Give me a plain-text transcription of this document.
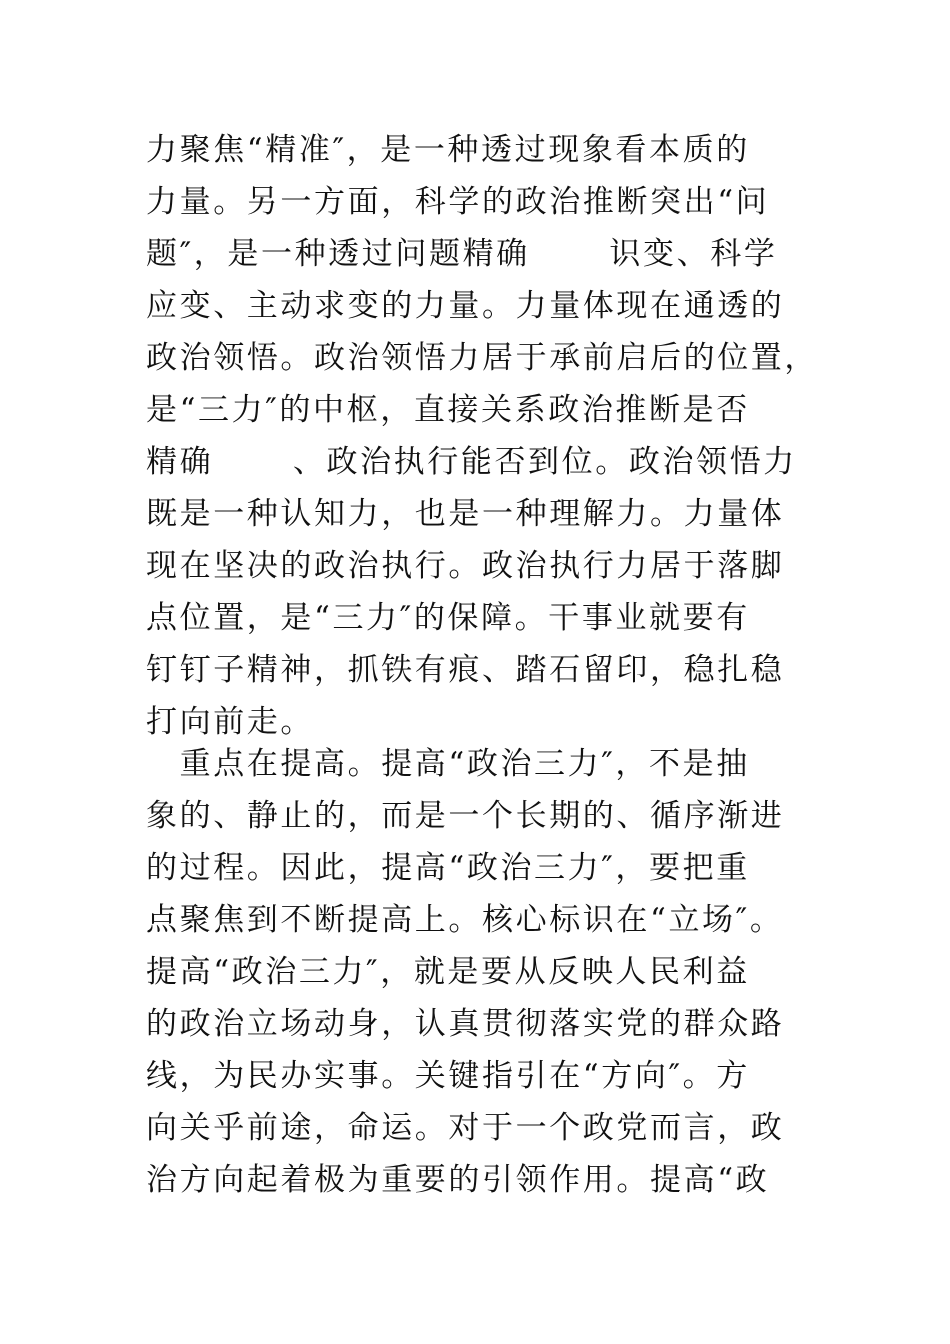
力聚焦“精准″，是一种透过现象看本质的
力量。另一方面，科学的政治推断突出“问
题″，是一种透过问题精确　　 识变、科学
应变、主动求变的力量。力量体现在通透的
政治领悟。政治领悟力居于承前启后的位置，
是“三力″的中枢，直接关系政治推断是否
精确　　 、政治执行能否到位。政治领悟力
既是一种认知力，也是一种理解力。力量体
现在坚决的政治执行。政治执行力居于落脚
点位置，是“三力″的保障。干事业就要有
钉钉子精神，抓铁有痕、踏石留印，稳扎稳
打向前走。
　重点在提高。提高“政治三力″，不是抽
象的、静止的，而是一个长期的、循序渐进
的过程。因此，提高“政治三力″，要把重
点聚焦到不断提高上。核心标识在“立场″。
提高“政治三力″，就是要从反映人民利益
的政治立场动身，认真贯彻落实党的群众路
线，为民办实事。关键指引在“方向″。方
向关乎前途，命运。对于一个政党而言，政
治方向起着极为重要的引领作用。提高“政
